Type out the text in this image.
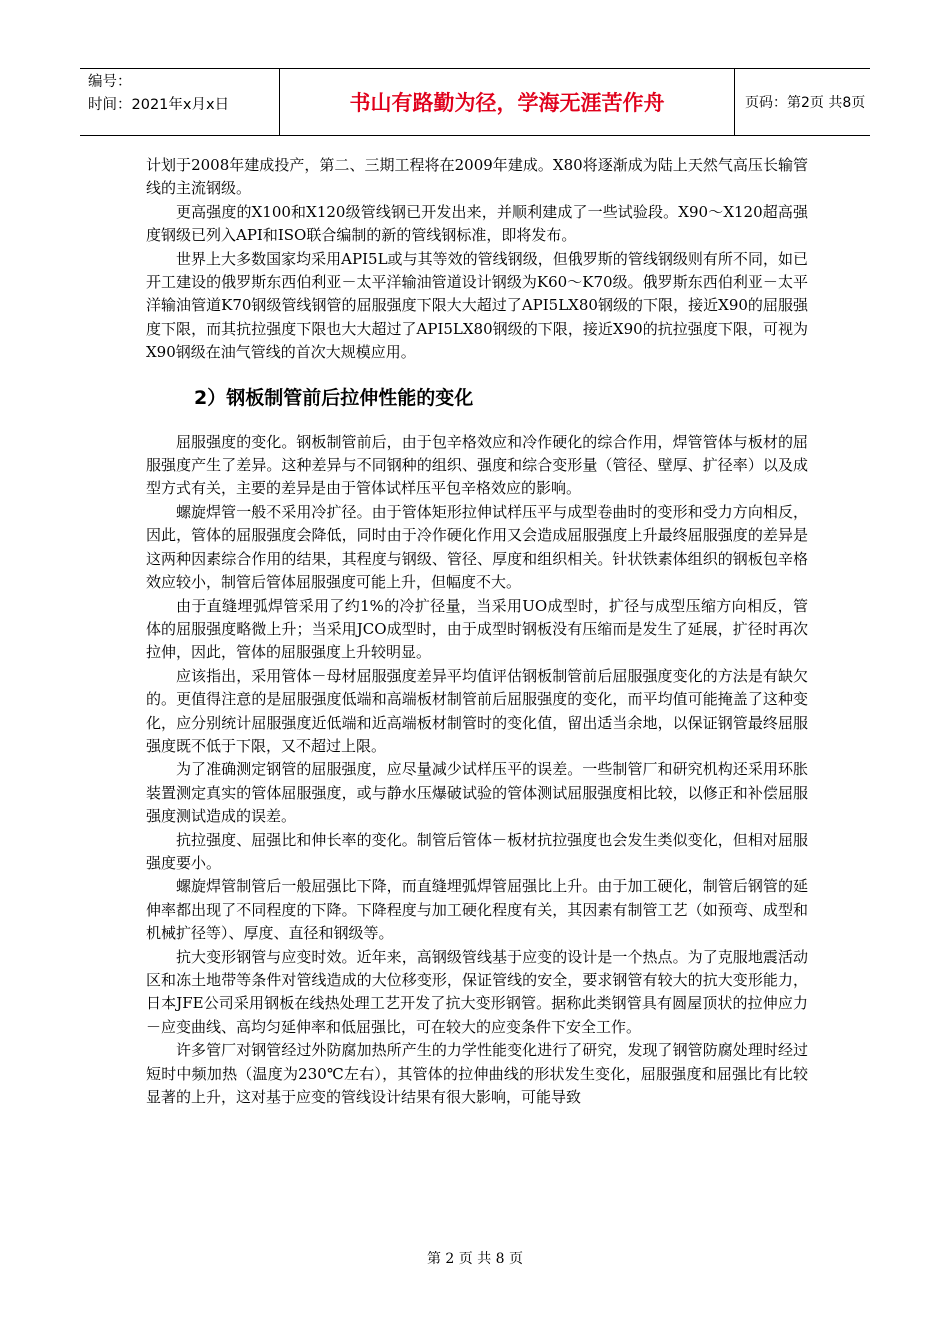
编号：
时间：2021年x月x日	书山有路勤为径，学海无涯苦作舟	页码：第2页 共8页

计划于2008年建成投产，第二、三期工程将在2009年建成。X80将逐渐成为陆上天然气高压长输管线的主流钢级。

更高强度的X100和X120级管线钢已开发出来，并顺利建成了一些试验段。X90～X120超高强度钢级已列入API和ISO联合编制的新的管线钢标准，即将发布。

世界上大多数国家均采用API5L或与其等效的管线钢级，但俄罗斯的管线钢级则有所不同，如已开工建设的俄罗斯东西伯利亚－太平洋输油管道设计钢级为K60～K70级。俄罗斯东西伯利亚－太平洋输油管道K70钢级管线钢管的屈服强度下限大大超过了API5LX80钢级的下限，接近X90的屈服强度下限，而其抗拉强度下限也大大超过了API5LX80钢级的下限，接近X90的抗拉强度下限，可视为X90钢级在油气管线的首次大规模应用。

2）钢板制管前后拉伸性能的变化

屈服强度的变化。钢板制管前后，由于包辛格效应和冷作硬化的综合作用，焊管管体与板材的屈服强度产生了差异。这种差异与不同钢种的组织、强度和综合变形量（管径、壁厚、扩径率）以及成型方式有关，主要的差异是由于管体试样压平包辛格效应的影响。

螺旋焊管一般不采用冷扩径。由于管体矩形拉伸试样压平与成型卷曲时的变形和受力方向相反，因此，管体的屈服强度会降低，同时由于冷作硬化作用又会造成屈服强度上升最终屈服强度的差异是这两种因素综合作用的结果，其程度与钢级、管径、厚度和组织相关。针状铁素体组织的钢板包辛格效应较小，制管后管体屈服强度可能上升，但幅度不大。

由于直缝埋弧焊管采用了约1%的冷扩径量，当采用UO成型时，扩径与成型压缩方向相反，管体的屈服强度略微上升；当采用JCO成型时，由于成型时钢板没有压缩而是发生了延展，扩径时再次拉伸，因此，管体的屈服强度上升较明显。

应该指出，采用管体－母材屈服强度差异平均值评估钢板制管前后屈服强度变化的方法是有缺欠的。更值得注意的是屈服强度低端和高端板材制管前后屈服强度的变化，而平均值可能掩盖了这种变化，应分别统计屈服强度近低端和近高端板材制管时的变化值，留出适当余地，以保证钢管最终屈服强度既不低于下限，又不超过上限。

为了准确测定钢管的屈服强度，应尽量减少试样压平的误差。一些制管厂和研究机构还采用环胀装置测定真实的管体屈服强度，或与静水压爆破试验的管体测试屈服强度相比较，以修正和补偿屈服强度测试造成的误差。

抗拉强度、屈强比和伸长率的变化。制管后管体－板材抗拉强度也会发生类似变化，但相对屈服强度要小。

螺旋焊管制管后一般屈强比下降，而直缝埋弧焊管屈强比上升。由于加工硬化，制管后钢管的延伸率都出现了不同程度的下降。下降程度与加工硬化程度有关，其因素有制管工艺（如预弯、成型和机械扩径等）、厚度、直径和钢级等。

抗大变形钢管与应变时效。近年来，高钢级管线基于应变的设计是一个热点。为了克服地震活动区和冻土地带等条件对管线造成的大位移变形，保证管线的安全，要求钢管有较大的抗大变形能力，日本JFE公司采用钢板在线热处理工艺开发了抗大变形钢管。据称此类钢管具有圆屋顶状的拉伸应力－应变曲线、高均匀延伸率和低屈强比，可在较大的应变条件下安全工作。

许多管厂对钢管经过外防腐加热所产生的力学性能变化进行了研究，发现了钢管防腐处理时经过短时中频加热（温度为230℃左右），其管体的拉伸曲线的形状发生变化，屈服强度和屈强比有比较显著的上升，这对基于应变的管线设计结果有很大影响，可能导致

第 2 页 共 8 页
